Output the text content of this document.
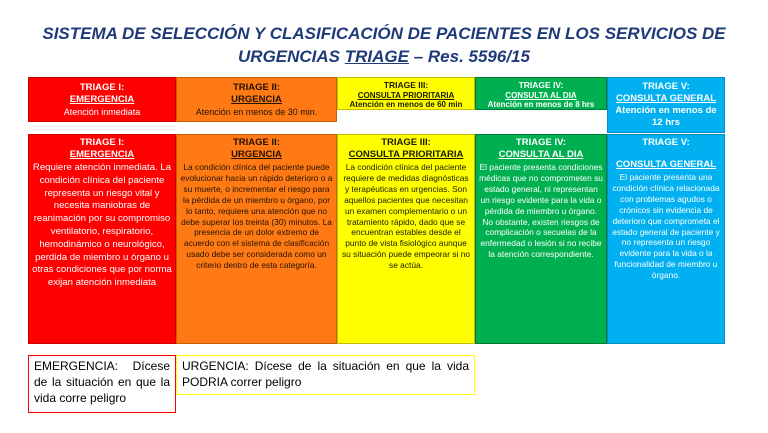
SISTEMA DE SELECCIÓN Y CLASIFICACIÓN DE PACIENTES EN LOS SERVICIOS DE
URGENCIAS TRIAGE – Res. 5596/15
TRIAGE I:
EMERGENCIA
Atención inmediata
TRIAGE II:
URGENCIA
Atención en menos de 30 min.
TRIAGE III:
CONSULTA PRIORITARIA
Atención en menos de 60 min
TRIAGE IV:
CONSULTA AL DIA
Atención en menos de 8 hrs
TRIAGE V:
CONSULTA GENERAL
Atención en menos de 12 hrs
TRIAGE I:
EMERGENCIA
Requiere atención inmediata. La condición clínica del paciente representa un riesgo vital y necesita maniobras de reanimación por su compromiso ventilatorio, respiratorio, hemodinámico o neurológico, perdida de miembro u órgano u otras condiciones que por norma exijan atención inmediata
TRIAGE II:
URGENCIA
La condición clínica del paciente puede evolucionar hacia un rápido deterioro o a su muerte, o incrementar el riesgo para la pérdida de un miembro u órgano, por lo tanto, requiere una atención que no debe superar los treinta (30) minutos. La presencia de un dolor extremo de acuerdo con el sistema de clasificación usado debe ser considerada como un criterio dentro de esta categoría.
TRIAGE III:
CONSULTA PRIORITARIA
La condición clínica del paciente requiere de medidas diagnósticas y terapéuticas en urgencias. Son aquellos pacientes que necesitan un examen complementario o un tratamiento rápido, dado que se encuentran estables desde el punto de vista fisiológico aunque su situación puede empeorar si no se actúa.
TRIAGE IV:
CONSULTA AL DIA
El paciente presenta condiciones médicas que no comprometen su estado general, ni representan un riesgo evidente para la vida o pérdida de miembro u órgano. No obstante, existen riesgos de complicación o secuelas de la enfermedad o lesión si no recibe la atención correspondiente.
TRIAGE V:
CONSULTA GENERAL
El paciente presenta una condición clínica relacionada con problemas agudos o crónicos sin evidencia de deterioro que comprometa el estado general de paciente y no representa un riesgo evidente para la vida o la funcionalidad de miembro u órgano.
EMERGENCIA: Dícese de la situación en que la vida corre peligro
URGENCIA: Dícese de la situación en que la vida PODRIA correr peligro
